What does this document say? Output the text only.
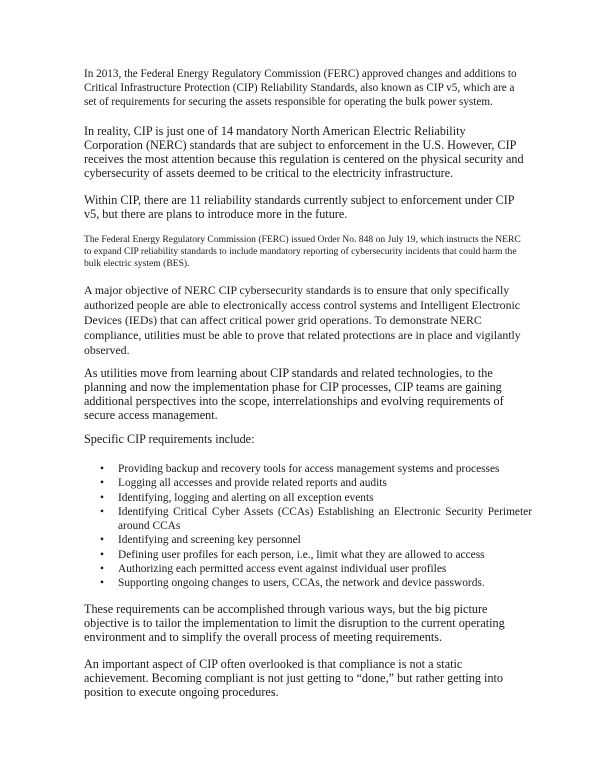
In 2013, the Federal Energy Regulatory Commission (FERC) approved changes and additions to Critical Infrastructure Protection (CIP) Reliability Standards, also known as CIP v5, which are a set of requirements for securing the assets responsible for operating the bulk power system.

In reality, CIP is just one of 14 mandatory North American Electric Reliability Corporation (NERC) standards that are subject to enforcement in the U.S. However, CIP receives the most attention because this regulation is centered on the physical security and cybersecurity of assets deemed to be critical to the electricity infrastructure.

Within CIP, there are 11 reliability standards currently subject to enforcement under CIP v5, but there are plans to introduce more in the future.

The Federal Energy Regulatory Commission (FERC) issued Order No. 848 on July 19, which instructs the NERC to expand CIP reliability standards to include mandatory reporting of cybersecurity incidents that could harm the bulk electric system (BES).

A major objective of NERC CIP cybersecurity standards is to ensure that only specifically authorized people are able to electronically access control systems and Intelligent Electronic Devices (IEDs) that can affect critical power grid operations. To demonstrate NERC compliance, utilities must be able to prove that related protections are in place and vigilantly observed.

As utilities move from learning about CIP standards and related technologies, to the planning and now the implementation phase for CIP processes, CIP teams are gaining additional perspectives into the scope, interrelationships and evolving requirements of secure access management.

Specific CIP requirements include:

• Providing backup and recovery tools for access management systems and processes
• Logging all accesses and provide related reports and audits
• Identifying, logging and alerting on all exception events
• Identifying Critical Cyber Assets (CCAs) Establishing an Electronic Security Perimeter around CCAs
• Identifying and screening key personnel
• Defining user profiles for each person, i.e., limit what they are allowed to access
• Authorizing each permitted access event against individual user profiles
• Supporting ongoing changes to users, CCAs, the network and device passwords.

These requirements can be accomplished through various ways, but the big picture objective is to tailor the implementation to limit the disruption to the current operating environment and to simplify the overall process of meeting requirements.

An important aspect of CIP often overlooked is that compliance is not a static achievement. Becoming compliant is not just getting to “done,” but rather getting into position to execute ongoing procedures.
